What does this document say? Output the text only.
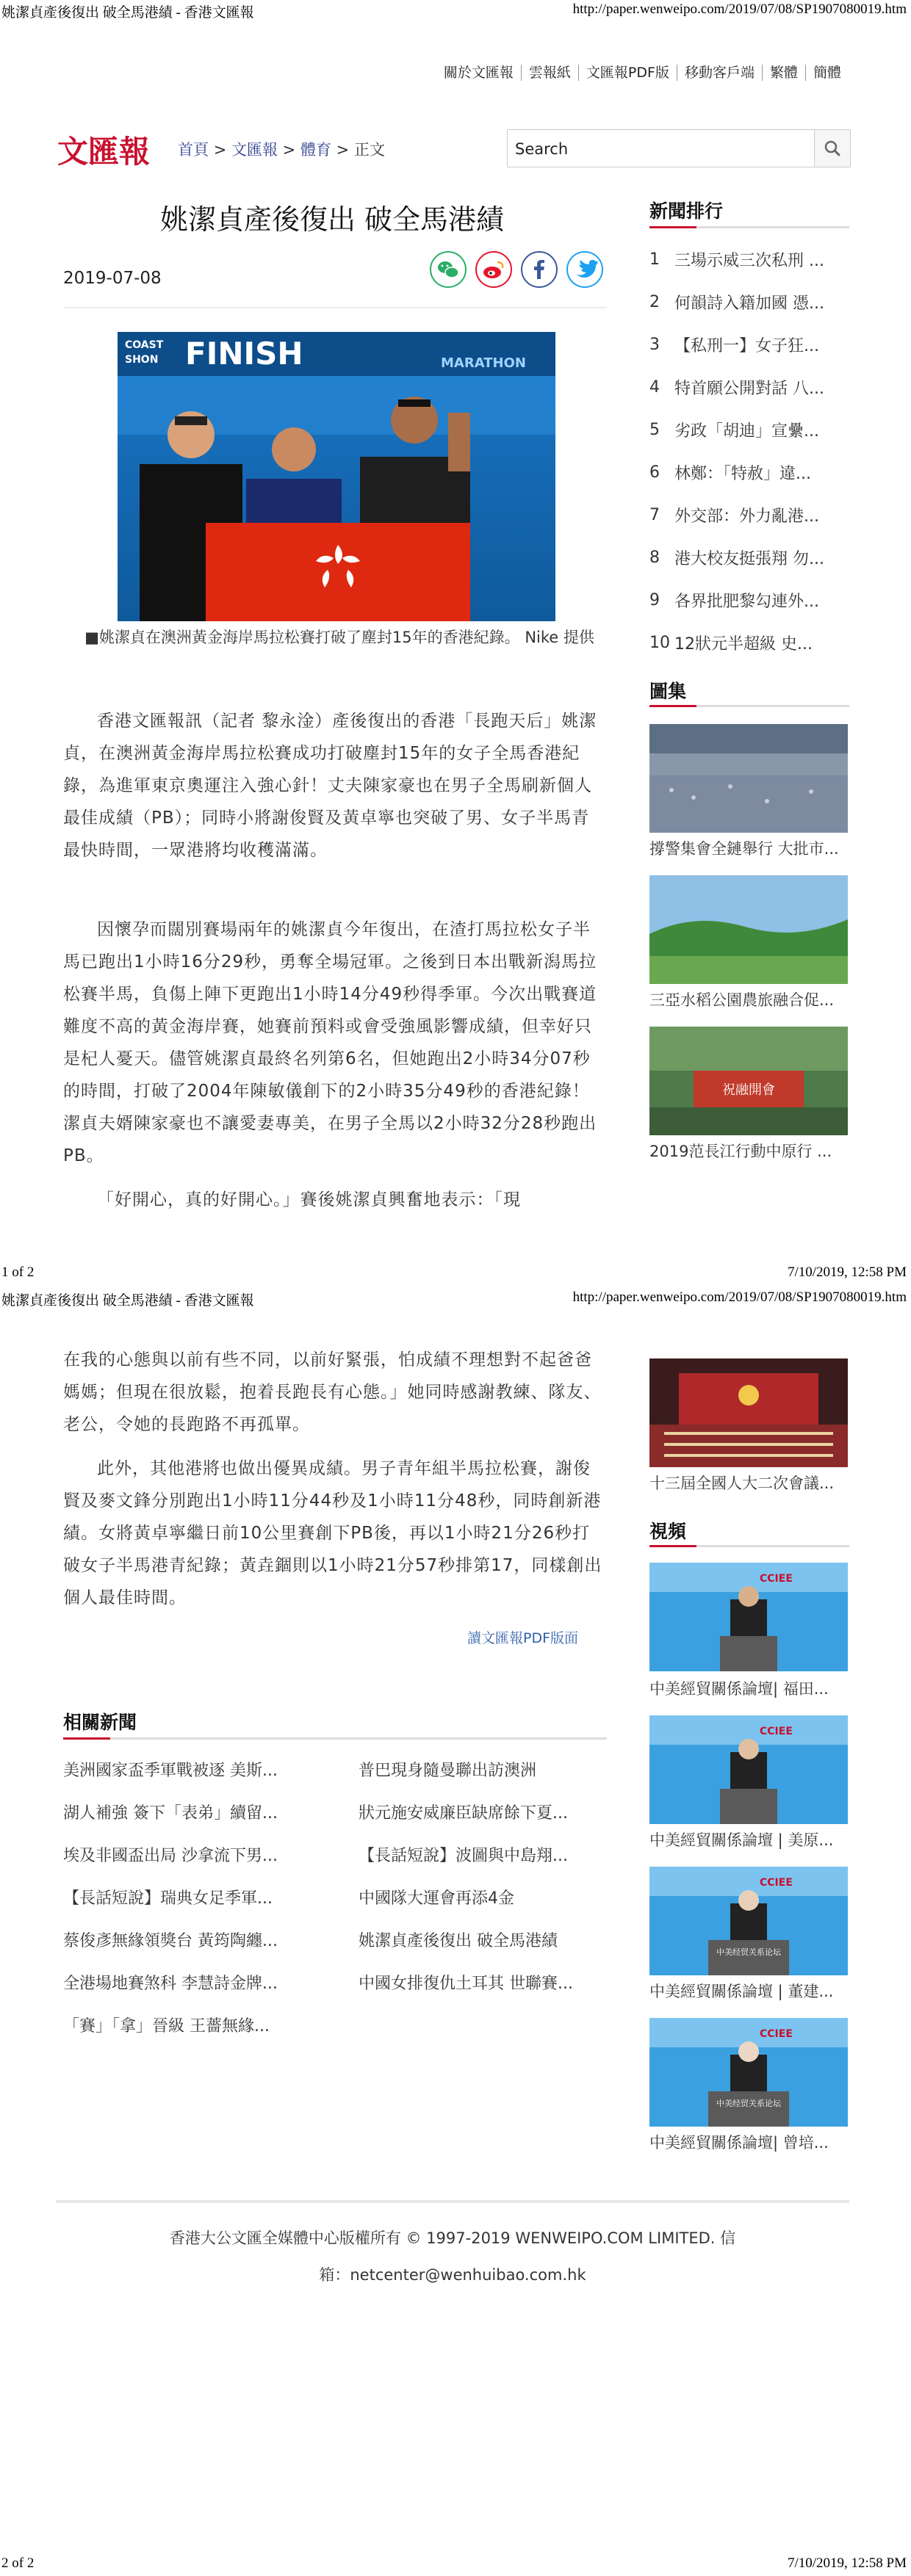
姚潔貞產後復出 破全馬港績 - 香港文匯報	http://paper.wenweipo.com/2019/07/08/SP1907080019.htm
關於文匯報	雲報紙	文匯報PDF版	移動客戶端	繁體	簡體
文匯報 首頁 > 文匯報 > 體育 > 正文
Search
姚潔貞產後復出 破全馬港績
2019-07-08
FINISH
COAST
SHON	MARATHON
■姚潔貞在澳洲黃金海岸馬拉松賽打破了塵封15年的香港紀錄。 Nike 提供
香港文匯報訊（記者 黎永淦）產後復出的香港「長跑天后」姚潔貞，在澳洲黃金海岸馬拉松賽成功打破塵封15年的女子全馬香港紀錄，為進軍東京奧運注入強心針！丈夫陳家豪也在男子全馬刷新個人最佳成績（PB）；同時小將謝俊賢及黃卓寧也突破了男、女子半馬青最快時間，一眾港將均收穫滿滿。
因懷孕而闊別賽場兩年的姚潔貞今年復出，在渣打馬拉松女子半馬已跑出1小時16分29秒，勇奪全場冠軍。之後到日本出戰新潟馬拉松賽半馬，負傷上陣下更跑出1小時14分49秒得季軍。今次出戰賽道難度不高的黃金海岸賽，她賽前預料或會受強風影響成績，但幸好只是杞人憂天。儘管姚潔貞最終名列第6名，但她跑出2小時34分07秒的時間，打破了2004年陳敏儀創下的2小時35分49秒的香港紀錄！潔貞夫婿陳家豪也不讓愛妻專美，在男子全馬以2小時32分28秒跑出PB。
「好開心，真的好開心。」賽後姚潔貞興奮地表示：「現
新聞排行
1 三場示威三次私刑 ...
2 何韻詩入籍加國 憑...
3 【私刑一】女子狂...
4 特首願公開對話 八...
5 劣政「胡迪」宣纍...
6 林鄭：「特赦」違...
7 外交部：外力亂港...
8 港大校友挺張翔 勿...
9 各界批肥黎勾連外...
10 12狀元半超級 史...
圖集
撐警集會全鏈舉行 大批市...
三亞水稻公園農旅融合促...
祝融開會
2019范長江行動中原行 ...
1 of 2	7/10/2019, 12:58 PM
姚潔貞產後復出 破全馬港績 - 香港文匯報	http://paper.wenweipo.com/2019/07/08/SP1907080019.htm
在我的心態與以前有些不同，以前好緊張，怕成績不理想對不起爸爸媽媽；但現在很放鬆，抱着長跑長有心態。」她同時感謝教練、隊友、老公，令她的長跑路不再孤單。
此外，其他港將也做出優異成績。男子青年組半馬拉松賽，謝俊賢及麥文鋒分別跑出1小時11分44秒及1小時11分48秒，同時創新港績。女將黃卓寧繼日前10公里賽創下PB後，再以1小時21分26秒打破女子半馬港青紀錄；黃垚錮則以1小時21分57秒排第17，同樣創出個人最佳時間。
讀文匯報PDF版面
相關新聞
美洲國家盃季軍戰被逐 美斯...
湖人補強 簽下「表弟」續留...
埃及非國盃出局 沙拿流下男...
【長話短說】瑞典女足季軍...
蔡俊彥無緣領獎台 黃筠陶纏...
全港場地賽煞科 李慧詩金牌...
「賽」「拿」晉級 王薔無緣...
普巴現身隨曼聯出訪澳洲
狀元施安威廉臣缺席餘下夏...
【長話短說】波圖與中島翔...
中國隊大運會再添4金
姚潔貞產後復出 破全馬港績
中國女排復仇土耳其 世聯賽...
十三屆全國人大二次會議...
視頻
CCIEE
中美經貿關係論壇| 福田...
CCIEE
中美經貿關係論壇 | 美原...
CCIEE
中美经贸关系论坛
中美經貿關係論壇 | 董建...
CCIEE
中美经贸关系论坛
中美經貿關係論壇| 曾培...
香港大公文匯全媒體中心版權所有 © 1997-2019 WENWEIPO.COM LIMITED. 信
箱：netcenter@wenhuibao.com.hk
2 of 2	7/10/2019, 12:58 PM
